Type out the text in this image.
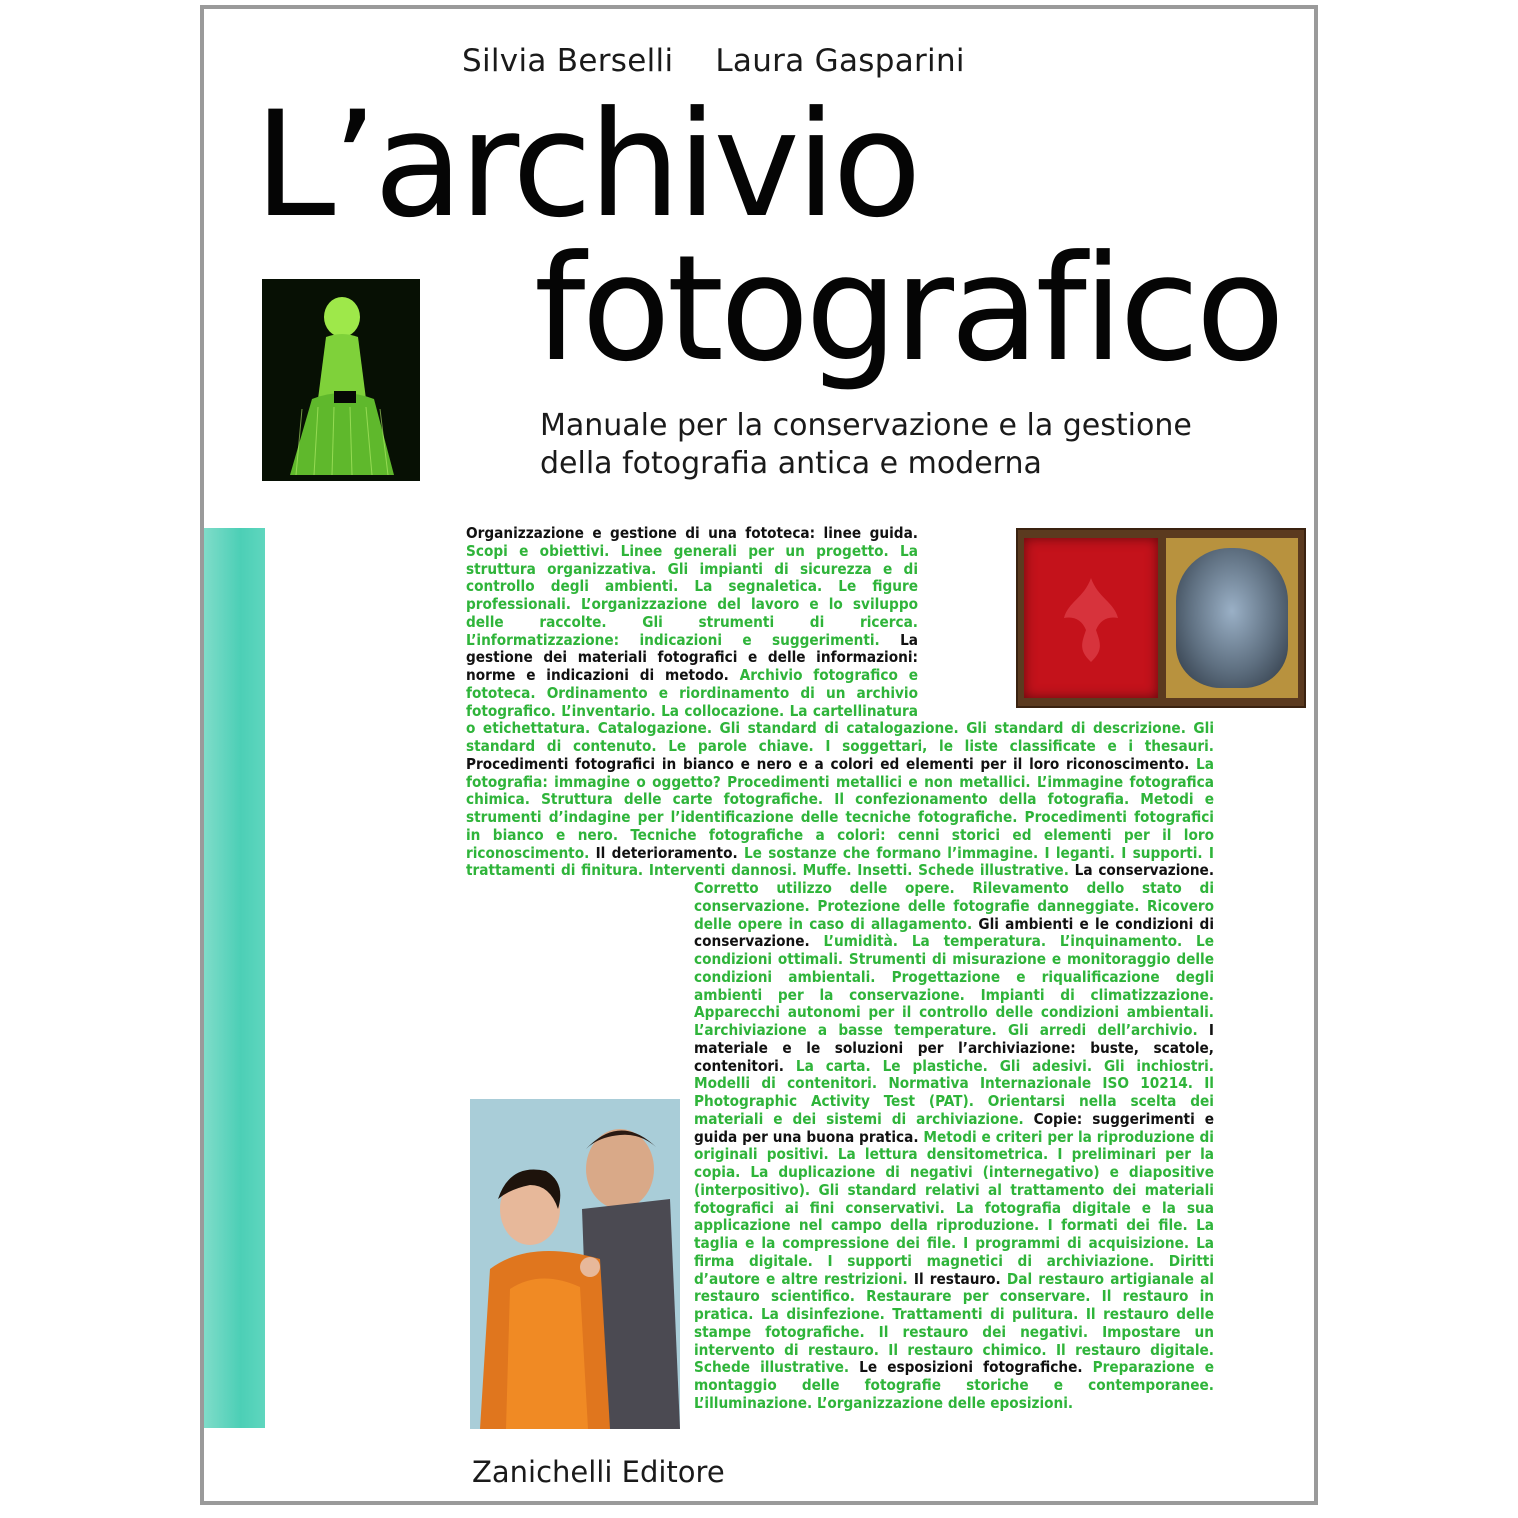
Silvia Berselli Laura Gasparini
L’archivio
fotografico
Manuale per la conservazione e la gestione
della fotografia antica e moderna
Organizzazione e gestione di una fototeca: linee guida. Scopi e obiettivi. Linee generali per un progetto. La struttura organizzativa. Gli impianti di sicurezza e di controllo degli ambienti. La segnaletica. Le figure professionali. L’organizzazione del lavoro e lo sviluppo delle raccolte. Gli strumenti di ricerca. L’informatizzazione: indicazioni e suggerimenti. La gestione dei materiali fotografici e delle informazioni: norme e indicazioni di metodo. Archivio fotografico e fototeca. Ordinamento e riordinamento di un archivio fotografico. L’inventario. La collocazione. La cartellinatura o etichettatura. Catalogazione. Gli standard di catalogazione. Gli standard di descrizione. Gli standard di contenuto. Le parole chiave. I soggettari, le liste classificate e i thesauri. Procedimenti fotografici in bianco e nero e a colori ed elementi per il loro riconoscimento. La fotografia: immagine o oggetto? Procedimenti metallici e non metallici. L’immagine fotografica chimica. Struttura delle carte fotografiche. Il confezionamento della fotografia. Metodi e strumenti d’indagine per l’identificazione delle tecniche fotografiche. Procedimenti fotografici in bianco e nero. Tecniche fotografiche a colori: cenni storici ed elementi per il loro riconoscimento. Il deterioramento. Le sostanze che formano l’immagine. I leganti. I supporti. I trattamenti di finitura. Interventi dannosi. Muffe. Insetti. Schede illustrative. La conservazione. Corretto utilizzo delle opere. Rilevamento dello stato di conservazione. Protezione delle fotografie danneggiate. Ricovero delle opere in caso di allagamento. Gli ambienti e le condizioni di conservazione. L’umidità. La temperatura. L’inquinamento. Le condizioni ottimali. Strumenti di misurazione e monitoraggio delle condizioni ambientali. Progettazione e riqualificazione degli ambienti per la conservazione. Impianti di climatizzazione. Apparecchi autonomi per il controllo delle condizioni ambientali. L’archiviazione a basse temperature. Gli arredi dell’archivio. I materiale e le soluzioni per l’archiviazione: buste, scatole, contenitori. La carta. Le plastiche. Gli adesivi. Gli inchiostri. Modelli di contenitori. Normativa Internazionale ISO 10214. Il Photographic Activity Test (PAT). Orientarsi nella scelta dei materiali e dei sistemi di archiviazione. Copie: suggerimenti e guida per una buona pratica. Metodi e criteri per la riproduzione di originali positivi. La lettura densitometrica. I preliminari per la copia. La duplicazione di negativi (internegativo) e diapositive (interpositivo). Gli standard relativi al trattamento dei materiali fotografici ai fini conservativi. La fotografia digitale e la sua applicazione nel campo della riproduzione. I formati dei file. La taglia e la compressione dei file. I programmi di acquisizione. La firma digitale. I supporti magnetici di archiviazione. Diritti d’autore e altre restrizioni. Il restauro. Dal restauro artigianale al restauro scientifico. Restaurare per conservare. Il restauro in pratica. La disinfezione. Trattamenti di pulitura. Il restauro delle stampe fotografiche. Il restauro dei negativi. Impostare un intervento di restauro. Il restauro chimico. Il restauro digitale. Schede illustrative. Le esposizioni fotografiche. Preparazione e montaggio delle fotografie storiche e contemporanee. L’illuminazione. L’organizzazione delle eposizioni.
Zanichelli Editore
